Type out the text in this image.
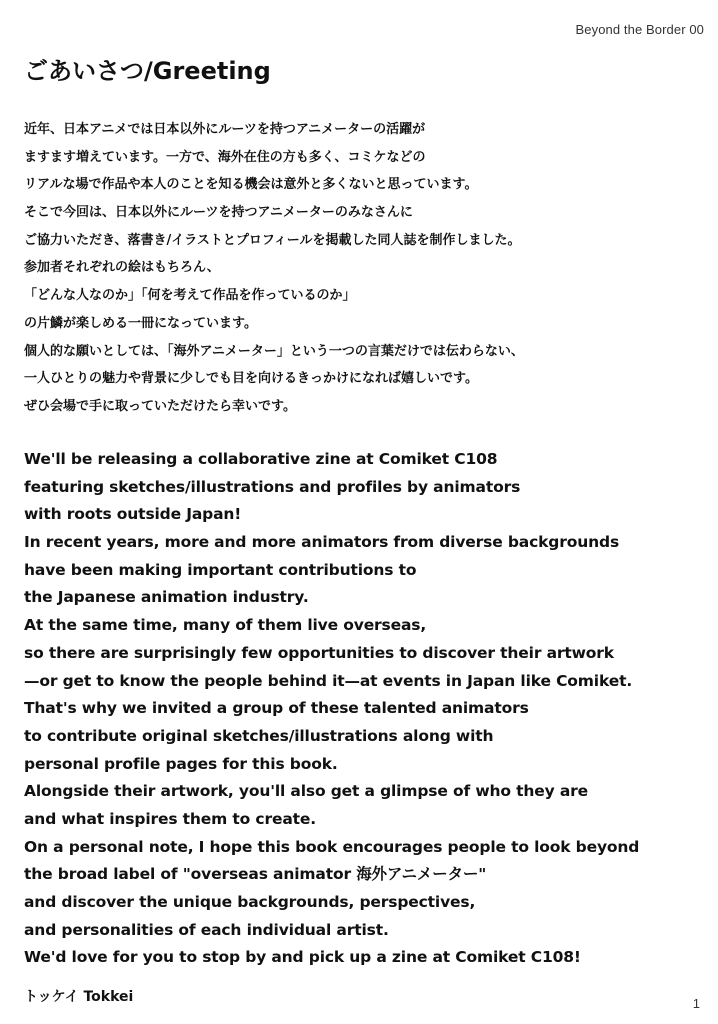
Beyond the Border 00
ごあいさつ/Greeting
近年、日本アニメでは日本以外にルーツを持つアニメーターの活躍が
ますます増えています。一方で、海外在住の方も多く、コミケなどの
リアルな場で作品や本人のことを知る機会は意外と多くないと思っています。
そこで今回は、日本以外にルーツを持つアニメーターのみなさんに
ご協力いただき、落書き/イラストとプロフィールを掲載した同人誌を制作しました。
参加者それぞれの絵はもちろん、
「どんな人なのか」「何を考えて作品を作っているのか」
の片鱗が楽しめる一冊になっています。
個人的な願いとしては、「海外アニメーター」という一つの言葉だけでは伝わらない、
一人ひとりの魅力や背景に少しでも目を向けるきっかけになれば嬉しいです。
ぜひ会場で手に取っていただけたら幸いです。
We'll be releasing a collaborative zine at Comiket C108
featuring sketches/illustrations and profiles by animators
with roots outside Japan!
In recent years, more and more animators from diverse backgrounds
have been making important contributions to
the Japanese animation industry.
At the same time, many of them live overseas,
so there are surprisingly few opportunities to discover their artwork
—or get to know the people behind it—at events in Japan like Comiket.
That's why we invited a group of these talented animators
to contribute original sketches/illustrations along with
personal profile pages for this book.
Alongside their artwork, you'll also get a glimpse of who they are
and what inspires them to create.
On a personal note, I hope this book encourages people to look beyond
the broad label of "overseas animator 海外アニメーター"
and discover the unique backgrounds, perspectives,
and personalities of each individual artist.
We'd love for you to stop by and pick up a zine at Comiket C108!
トッケイ Tokkei	1
